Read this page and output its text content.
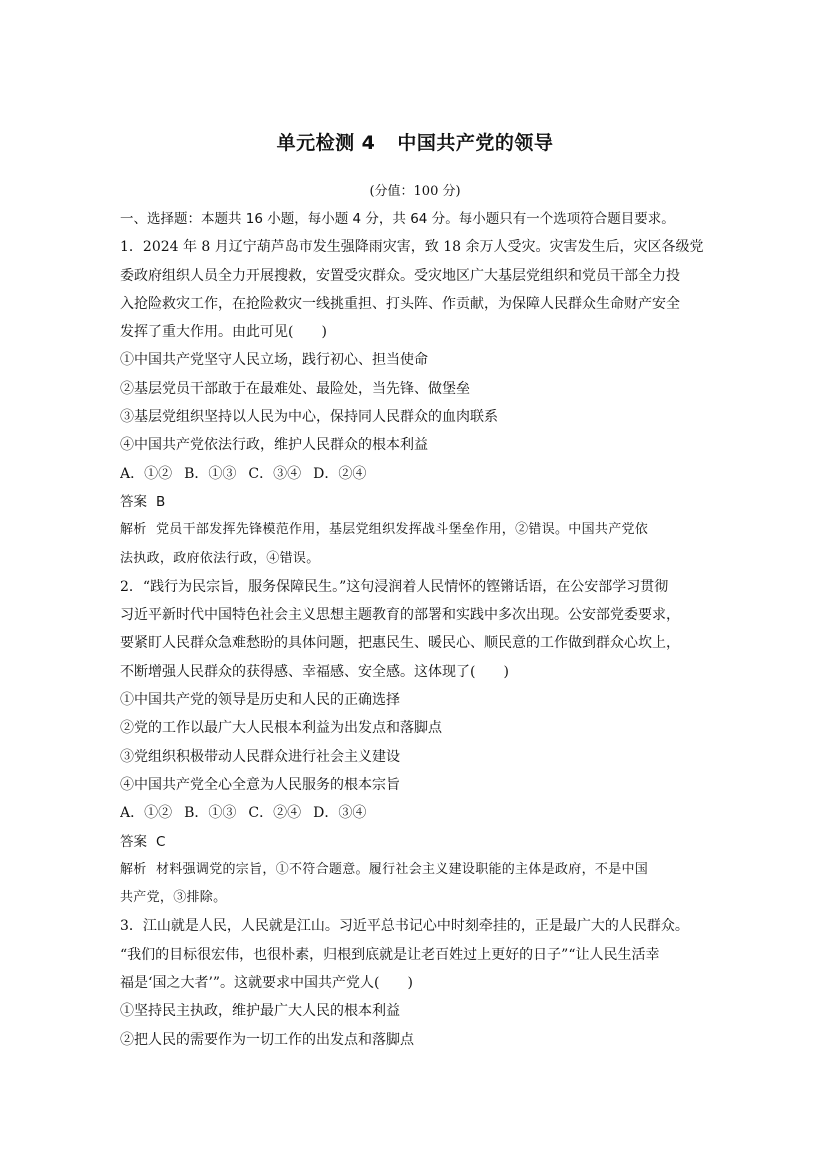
单元检测 4 中国共产党的领导
(分值：100 分)
一、选择题：本题共 16 小题，每小题 4 分，共 64 分。每小题只有一个选项符合题目要求。
1．2024 年 8 月辽宁葫芦岛市发生强降雨灾害，致 18 余万人受灾。灾害发生后，灾区各级党
委政府组织人员全力开展搜救，安置受灾群众。受灾地区广大基层党组织和党员干部全力投
入抢险救灾工作，在抢险救灾一线挑重担、打头阵、作贡献，为保障人民群众生命财产安全
发挥了重大作用。由此可见(　　)
①中国共产党坚守人民立场，践行初心、担当使命
②基层党员干部敢于在最难处、最险处，当先锋、做堡垒
③基层党组织坚持以人民为中心，保持同人民群众的血肉联系
④中国共产党依法行政，维护人民群众的根本利益
A．①② B．①③ C．③④ D．②④
答案 B
解析 党员干部发挥先锋模范作用，基层党组织发挥战斗堡垒作用，②错误。中国共产党依
法执政，政府依法行政，④错误。
2．“践行为民宗旨，服务保障民生。”这句浸润着人民情怀的铿锵话语，在公安部学习贯彻
习近平新时代中国特色社会主义思想主题教育的部署和实践中多次出现。公安部党委要求，
要紧盯人民群众急难愁盼的具体问题，把惠民生、暖民心、顺民意的工作做到群众心坎上，
不断增强人民群众的获得感、幸福感、安全感。这体现了(　　)
①中国共产党的领导是历史和人民的正确选择
②党的工作以最广大人民根本利益为出发点和落脚点
③党组织积极带动人民群众进行社会主义建设
④中国共产党全心全意为人民服务的根本宗旨
A．①② B．①③ C．②④ D．③④
答案 C
解析 材料强调党的宗旨，①不符合题意。履行社会主义建设职能的主体是政府，不是中国
共产党，③排除。
3．江山就是人民，人民就是江山。习近平总书记心中时刻牵挂的，正是最广大的人民群众。
“我们的目标很宏伟，也很朴素，归根到底就是让老百姓过上更好的日子”“让人民生活幸
福是‘国之大者’”。这就要求中国共产党人(　　)
①坚持民主执政，维护最广大人民的根本利益
②把人民的需要作为一切工作的出发点和落脚点
